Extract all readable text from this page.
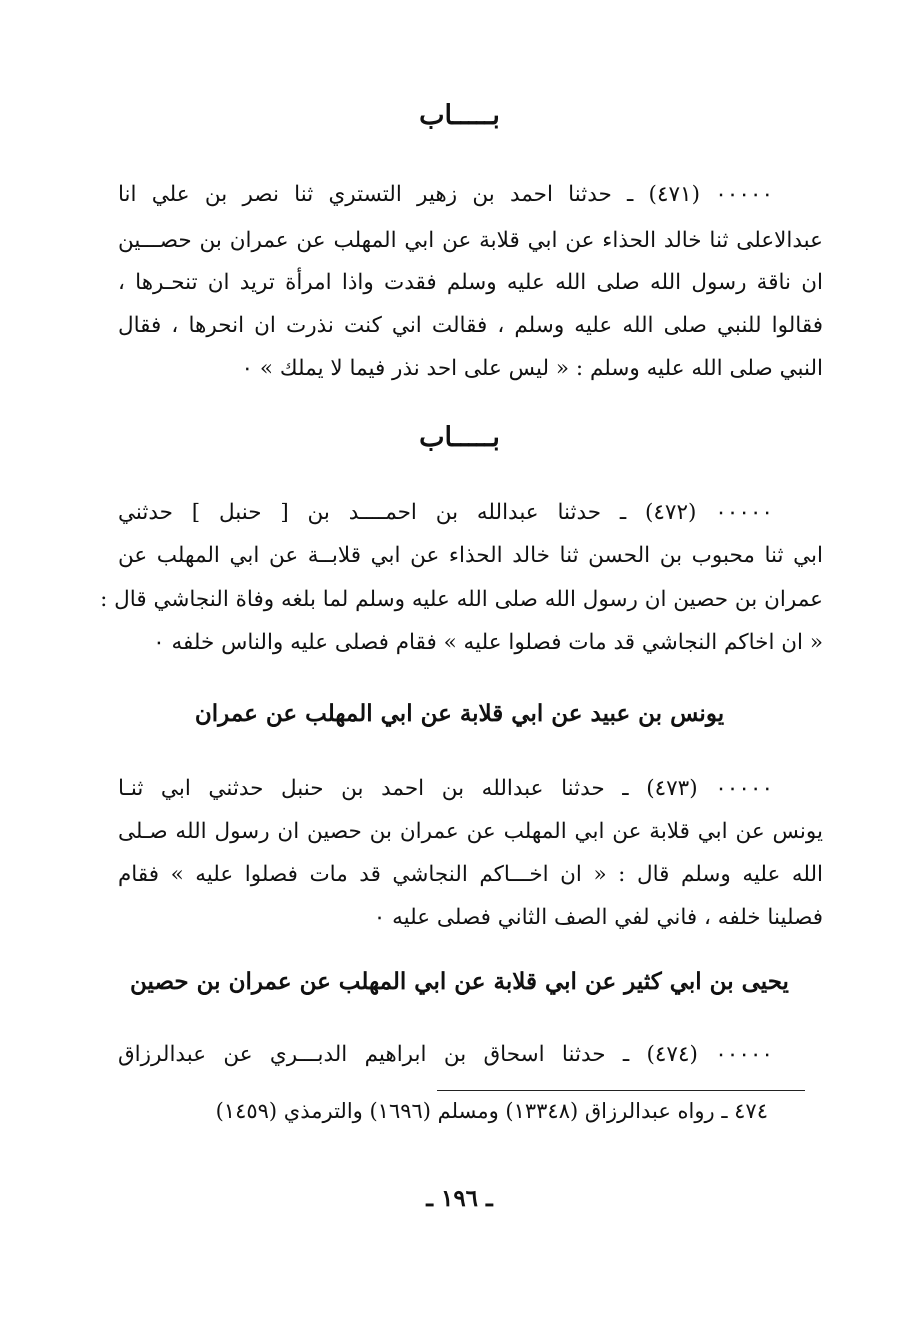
بـــــاب
٠٠٠٠٠ (٤٧١) ـ حدثنا احمد بن زهير التستري ثنا نصر بن علي انا
عبدالاعلى ثنا خالد الحذاء عن ابي قلابة عن ابي المهلب عن عمران بن حصـــين
ان ناقة رسول الله صلى الله عليه وسلم فقدت واذا امرأة تريد ان تنحـرها ،
فقالوا للنبي صلى الله عليه وسلم ، فقالت اني كنت نذرت ان انحرها ، فقال
النبي صلى الله عليه وسلم : « ليس على احد نذر فيما لا يملك » ٠
بـــــاب
٠٠٠٠٠ (٤٧٢) ـ حدثنا عبدالله بن احمــــد بن [ حنبل ] حدثني
ابي ثنا محبوب بن الحسن ثنا خالد الحذاء عن ابي قلابــة عن ابي المهلب عن
عمران بن حصين ان رسول الله صلى الله عليه وسلم لما بلغه وفاة النجاشي قال :
« ان اخاكم النجاشي قد مات فصلوا عليه » فقام فصلى عليه والناس خلفه ٠
يونس بن عبيد عن ابي قلابة عن ابي المهلب عن عمران
٠٠٠٠٠ (٤٧٣) ـ حدثنا عبدالله بن احمد بن حنبل حدثني ابي ثنـا
يونس عن ابي قلابة عن ابي المهلب عن عمران بن حصين ان رسول الله صـلى
الله عليه وسلم قال : « ان اخـــاكم النجاشي قد مات فصلوا عليه » فقام
فصلينا خلفه ، فاني لفي الصف الثاني فصلى عليه ٠
يحيى بن ابي كثير عن ابي قلابة عن ابي المهلب عن عمران بن حصين
٠٠٠٠٠ (٤٧٤) ـ حدثنا اسحاق بن ابراهيم الدبـــري عن عبدالرزاق
٤٧٤ ـ رواه عبدالرزاق (١٣٣٤٨) ومسلم (١٦٩٦) والترمذي (١٤٥٩)
ـ ١٩٦ ـ
